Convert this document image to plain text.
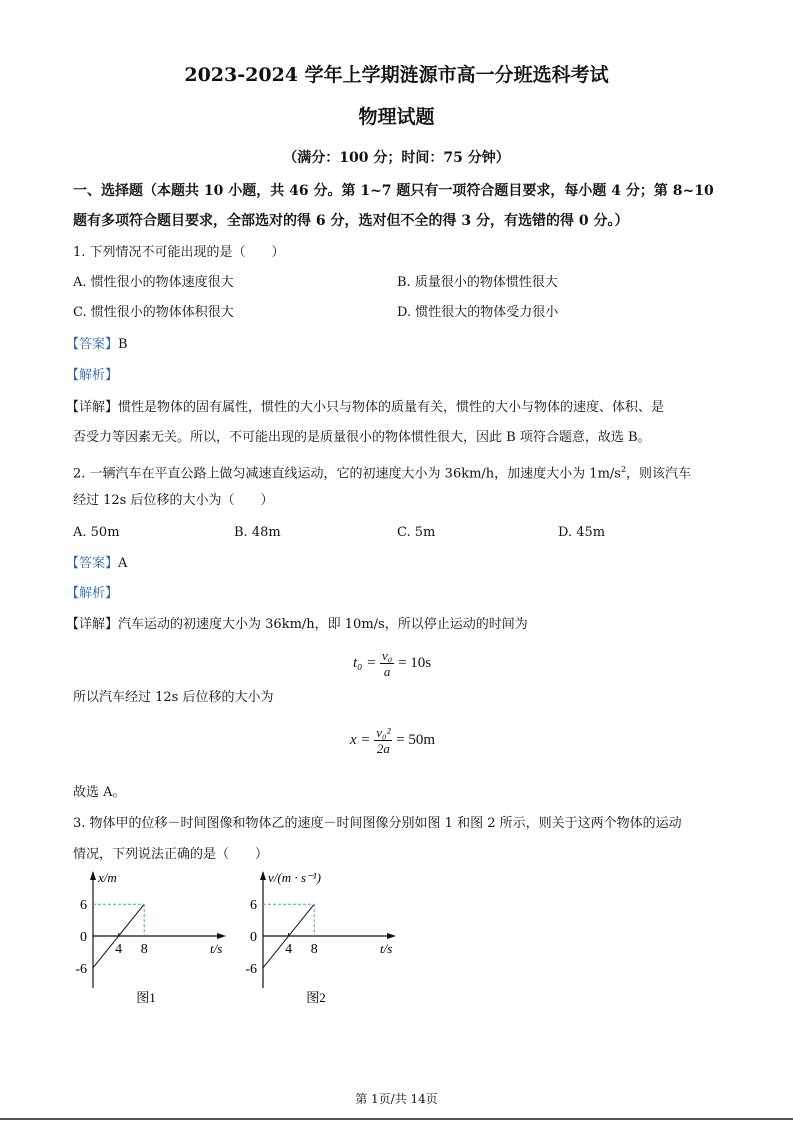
2023-2024 学年上学期涟源市高一分班选科考试
物理试题
（满分：100 分；时间：75 分钟）
一、选择题（本题共 10 小题，共 46 分。第 1~7 题只有一项符合题目要求，每小题 4 分；第 8~10
题有多项符合题目要求，全部选对的得 6 分，选对但不全的得 3 分，有选错的得 0 分。）
1. 下列情况不可能出现的是（　　）
A. 惯性很小的物体速度很大	B. 质量很小的物体惯性很大
C. 惯性很小的物体体积很大	D. 惯性很大的物体受力很小
【答案】B
【解析】
【详解】惯性是物体的固有属性，惯性的大小只与物体的质量有关，惯性的大小与物体的速度、体积、是
否受力等因素无关。所以，不可能出现的是质量很小的物体惯性很大，因此 B 项符合题意，故选 B。
2. 一辆汽车在平直公路上做匀减速直线运动，它的初速度大小为 36km/h，加速度大小为 $1m/s^2$，则该汽车
经过 12s 后位移的大小为（　　）
A. 50m	B. 48m	C. 5m	D. 45m
【答案】A
【解析】
【详解】汽车运动的初速度大小为 36km/h，即 10m/s，所以停止运动的时间为
$t_0 = \frac{\text{v₀}}{a} = 10s$
所以汽车经过 12s 后位移的大小为
$x = \frac{\text{v₀²}}{2a} = 50m$
故选 A。
3. 物体甲的位移－时间图像和物体乙的速度－时间图像分别如图 1 和图 2 所示，则关于这两个物体的运动
情况，下列说法正确的是（　　）
x/m
6
0
-6
4 8	t/s
图1
v/(m · s⁻¹)
6
0
-6
4 8	t/s
图2
第 1页/共 14页
